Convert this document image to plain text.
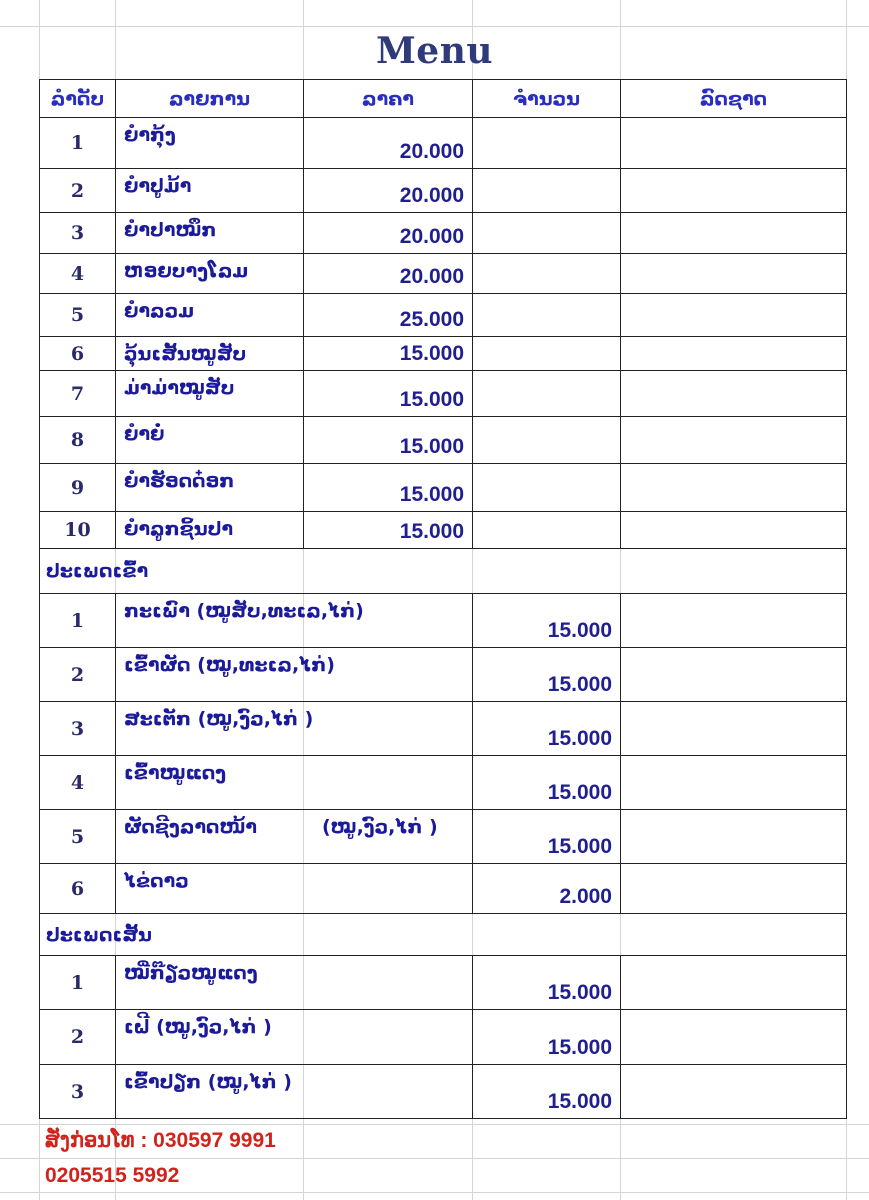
Menu
ລຳດັບ	ລາຍການ	ລາຄາ	ຈຳນວນ	ລົດຊາດ
1	ຍຳກຸ້ງ	20.000		
2	ຍຳປູມ້າ	20.000		
3	ຍຳປາໝຶກ	20.000		
4	ຫອຍບາງໂລມ	20.000		
5	ຍຳລວມ	25.000		
6	ວຸ້ນເສັ້ນໝູສັບ	15.000		
7	ມ່າມ່າໝູສັບ	15.000		
8	ຍຳຍໍ່	15.000		
9	ຍຳຮັອດດ໋ອກ	15.000		
10	ຍຳລູກຊິ້ນປາ	15.000		
ປະເພດເຂົ້າ				
1	ກະເພົາ (ໝູສັບ,ທະເລ,ໄກ່)		15.000	
2	ເຂົ້າຜັດ (ໝູ,ທະເລ,ໄກ່)		15.000	
3	ສະເຕັກ (ໝູ,ງົວ,ໄກ່ )		15.000	
4	ເຂົ້າໝູແດງ		15.000	
5	ຜັດຊີງລາດໜ້າ	(ໝູ,ງົວ,ໄກ່ )	15.000	
6	ໄຂ່ດາວ		2.000	
ປະເພດເສັ້ນ				
1	ໝີ່ກ໊ຽວໝູແດງ		15.000	
2	ເຝີ (ໝູ,ງົວ,ໄກ່ )		15.000	
3	ເຂົ້າປຽກ (ໝູ,ໄກ່ )		15.000	
ສັ່ງກ່ອນໂທ : 030597 9991
0205515 5992
